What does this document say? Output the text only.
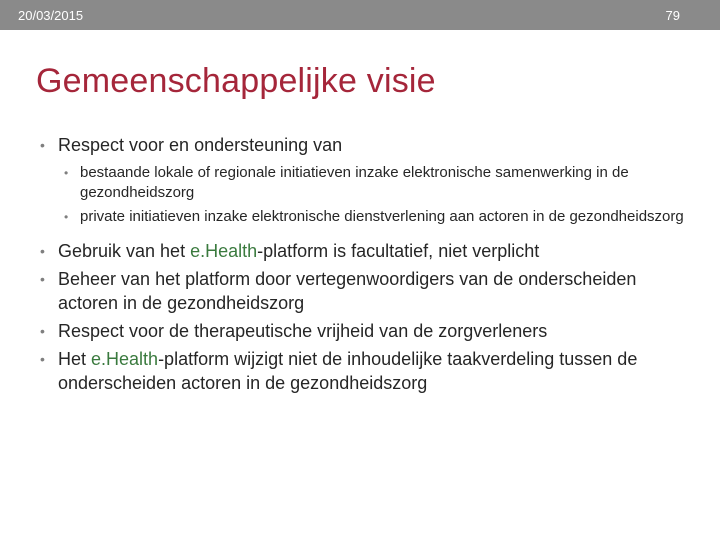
20/03/2015	79
Gemeenschappelijke visie
• Respect voor en ondersteuning van
• bestaande lokale of regionale initiatieven inzake elektronische samenwerking in de gezondheidszorg
• private initiatieven inzake elektronische dienstverlening aan actoren in de gezondheidszorg
• Gebruik van het e.Health-platform is facultatief, niet verplicht
• Beheer van het platform door vertegenwoordigers van de onderscheiden actoren in de gezondheidszorg
• Respect voor de therapeutische vrijheid van de zorgverleners
• Het e.Health-platform wijzigt niet de inhoudelijke taakverdeling tussen de onderscheiden actoren in de gezondheidszorg
